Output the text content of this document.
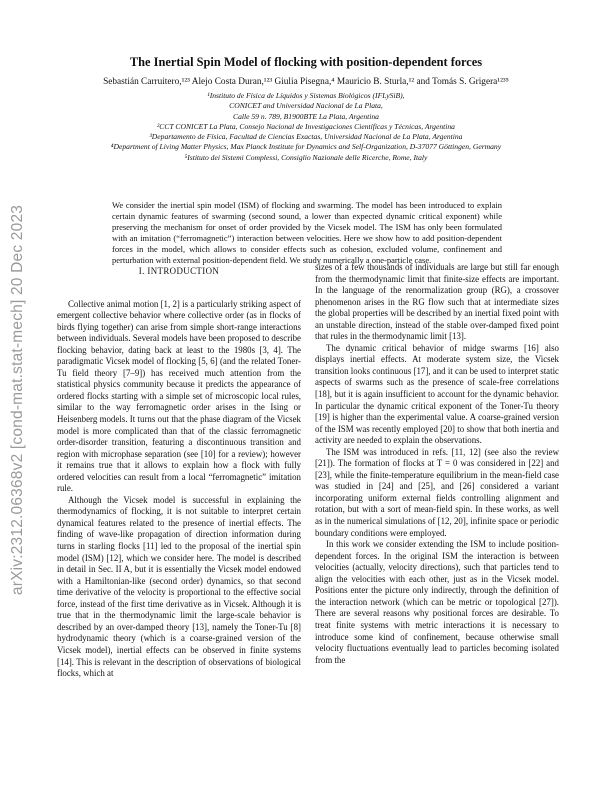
arXiv:2312.06368v2 [cond-mat.stat-mech] 20 Dec 2023
The Inertial Spin Model of flocking with position-dependent forces
Sebastián Carruitero,¹²³ Alejo Costa Duran,¹²³ Giulia Pisegna,⁴ Mauricio B. Sturla,¹² and Tomás S. Grigera¹²³⁵
¹Instituto de Física de Líquidos y Sistemas Biológicos (IFLySiB),
CONICET and Universidad Nacional de La Plata,
Calle 59 n. 789, B1900BTE La Plata, Argentina
²CCT CONICET La Plata, Consejo Nacional de Investigaciones Científicas y Técnicas, Argentina
³Departamento de Física, Facultad de Ciencias Exactas, Universidad Nacional de La Plata, Argentina
⁴Department of Living Matter Physics, Max Planck Institute for Dynamics and Self-Organization, D-37077 Göttingen, Germany
⁵Istituto dei Sistemi Complessi, Consiglio Nazionale delle Ricerche, Rome, Italy

We consider the inertial spin model (ISM) of flocking and swarming. The model has been introduced to explain certain dynamic features of swarming (second sound, a lower than expected dynamic critical exponent) while preserving the mechanism for onset of order provided by the Vicsek model. The ISM has only been formulated with an imitation (“ferromagnetic”) interaction between velocities. Here we show how to add position-dependent forces in the model, which allows to consider effects such as cohesion, excluded volume, confinement and perturbation with external position-dependent field. We study numerically a one-particle case.

I. INTRODUCTION

Collective animal motion [1, 2] is a particularly striking aspect of emergent collective behavior where collective order (as in flocks of birds flying together) can arise from simple short-range interactions between individuals. Several models have been proposed to describe flocking behavior, dating back at least to the 1980s [3, 4]. The paradigmatic Vicsek model of flocking [5, 6] (and the related Toner-Tu field theory [7–9]) has received much attention from the statistical physics community because it predicts the appearance of ordered flocks starting with a simple set of microscopic local rules, similar to the way ferromagnetic order arises in the Ising or Heisenberg models. It turns out that the phase diagram of the Vicsek model is more complicated than that of the classic ferromagnetic order-disorder transition, featuring a discontinuous transition and region with microphase separation (see [10] for a review); however it remains true that it allows to explain how a flock with fully ordered velocities can result from a local “ferromagnetic” imitation rule.

Although the Vicsek model is successful in explaining the thermodynamics of flocking, it is not suitable to interpret certain dynamical features related to the presence of inertial effects. The finding of wave-like propagation of direction information during turns in starling flocks [11] led to the proposal of the inertial spin model (ISM) [12], which we consider here. The model is described in detail in Sec. II A, but it is essentially the Vicsek model endowed with a Hamiltonian-like (second order) dynamics, so that second time derivative of the velocity is proportional to the effective social force, instead of the first time derivative as in Vicsek. Although it is true that in the thermodynamic limit the large-scale behavior is described by an over-damped theory [13], namely the Toner-Tu [8] hydrodynamic theory (which is a coarse-grained version of the Vicsek model), inertial effects can be observed in finite systems [14]. This is relevant in the description of observations of biological flocks, which at

sizes of a few thousands of individuals are large but still far enough from the thermodynamic limit that finite-size effects are important. In the language of the renormalization group (RG), a crossover phenomenon arises in the RG flow such that at intermediate sizes the global properties will be described by an inertial fixed point with an unstable direction, instead of the stable over-damped fixed point that rules in the thermodynamic limit [13].

The dynamic critical behavior of midge swarms [16] also displays inertial effects. At moderate system size, the Vicsek transition looks continuous [17], and it can be used to interpret static aspects of swarms such as the presence of scale-free correlations [18], but it is again insufficient to account for the dynamic behavior. In particular the dynamic critical exponent of the Toner-Tu theory [19] is higher than the experimental value. A coarse-grained version of the ISM was recently employed [20] to show that both inertia and activity are needed to explain the observations.

The ISM was introduced in refs. [11, 12] (see also the review [21]). The formation of flocks at T = 0 was considered in [22] and [23], while the finite-temperature equilibrium in the mean-field case was studied in [24] and [25], and [26] considered a variant incorporating uniform external fields controlling alignment and rotation, but with a sort of mean-field spin. In these works, as well as in the numerical simulations of [12, 20], infinite space or periodic boundary conditions were employed.

In this work we consider extending the ISM to include position-dependent forces. In the original ISM the interaction is between velocities (actually, velocity directions), such that particles tend to align the velocities with each other, just as in the Vicsek model. Positions enter the picture only indirectly, through the definition of the interaction network (which can be metric or topological [27]). There are several reasons why positional forces are desirable. To treat finite systems with metric interactions it is necessary to introduce some kind of confinement, because otherwise small velocity fluctuations eventually lead to particles becoming isolated from the
